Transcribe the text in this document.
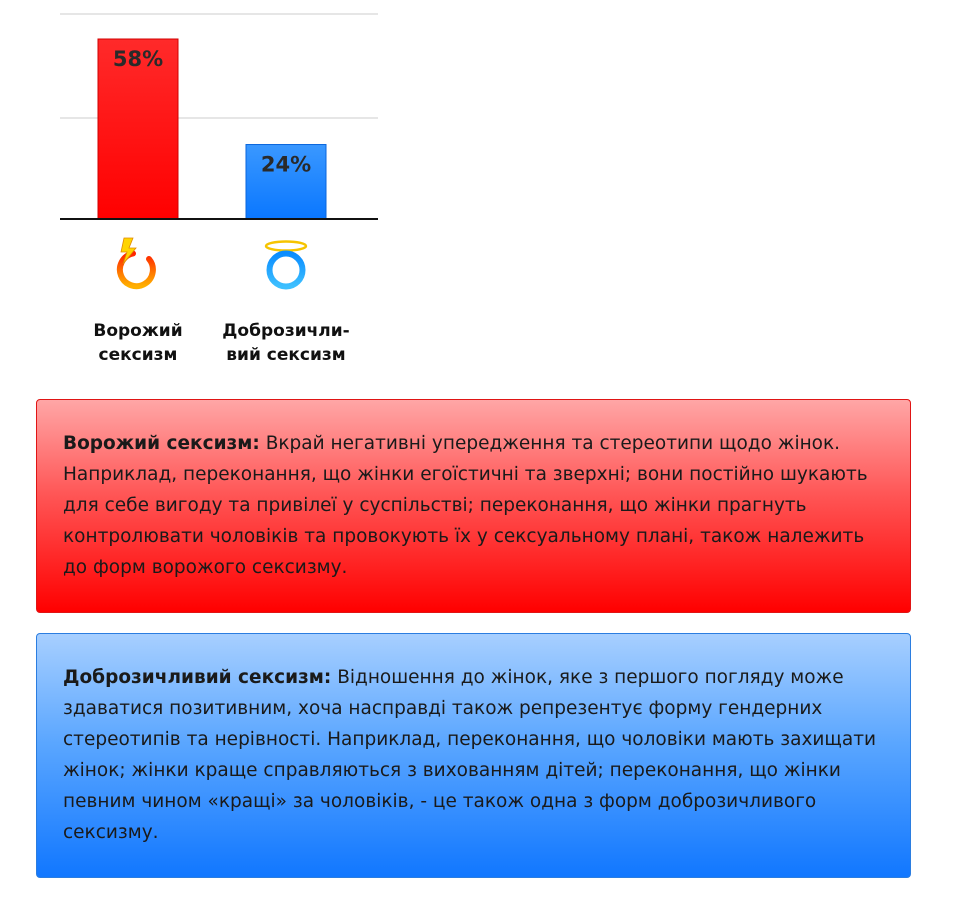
58%
24%
Ворожий
сексизм
Доброзичли-
вий сексизм
Ворожий сексизм: Вкрай негативні упередження та стереотипи щодо жінок. Наприклад, переконання, що жінки егоїстичні та зверхні; вони постійно шукають для себе вигоду та привілеї у суспільстві; переконання, що жінки прагнуть контролювати чоловіків та провокують їх у сексуальному плані, також належить до форм ворожого сексизму.
Доброзичливий сексизм: Відношення до жінок, яке з першого погляду може здаватися позитивним, хоча насправді також репрезентує форму гендерних стереотипів та нерівності. Наприклад, переконання, що чоловіки мають захищати жінок; жінки краще справляються з вихованням дітей; переконання, що жінки певним чином «кращі» за чоловіків, - це також одна з форм доброзичливого сексизму.
